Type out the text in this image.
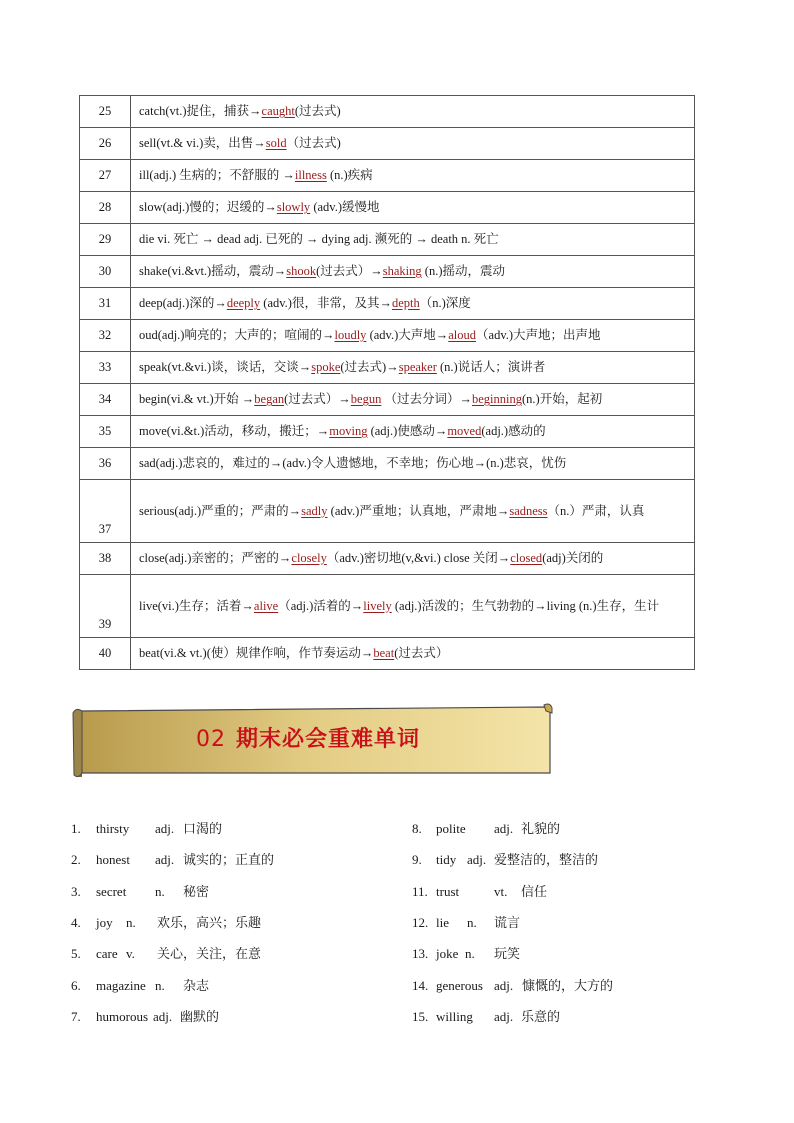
25	catch(vt.)捉住，捕获→caught(过去式)
26	sell(vt.& vi.)卖，出售→sold（过去式)
27	ill(adj.) 生病的；不舒服的 →illness (n.)疾病
28	slow(adj.)慢的；迟缓的→slowly (adv.)缓慢地
29	die vi. 死亡 → dead adj. 已死的 → dying adj. 濒死的 → death n. 死亡
30	shake(vi.&vt.)摇动，震动→shook(过去式）→shaking (n.)摇动，震动
31	deep(adj.)深的→deeply (adv.)很，非常，及其→depth（n.)深度
32	oud(adj.)响亮的；大声的；喧闹的→loudly (adv.)大声地→aloud（adv.)大声地；出声地
33	speak(vt.&vi.)谈，谈话，交谈→spoke(过去式)→speaker (n.)说话人；演讲者
34	begin(vi.& vt.)开始 →began(过去式）→begun （过去分词）→beginning(n.)开始，起初
35	move(vi.&t.)活动，移动，搬迁；→moving (adj.)使感动→moved(adj.)感动的
36	sad(adj.)悲哀的，难过的→(adv.)令人遗憾地，不幸地；伤心地→(n.)悲哀，忧伤
37	serious(adj.)严重的；严肃的→sadly (adv.)严重地；认真地，严肃地→sadness（n.）严肃，认真
38	close(adj.)亲密的；严密的→closely（adv.)密切地(v,&vi.) close 关闭→closed(adj)关闭的
39	live(vi.)生存；活着→alive（adj.)活着的→lively (adj.)活泼的；生气勃勃的→living (n.)生存，生计
40	beat(vi.& vt.)(使）规律作响，作节奏运动→beat(过去式）
02 期末必会重难单词
1. thirsty adj. 口渴的
2. honest adj. 诚实的；正直的
3. secret n. 秘密
4. joy n. 欢乐，高兴；乐趣
5. care v. 关心，关注，在意
6. magazine n. 杂志
7. humorous adj. 幽默的
8. polite adj. 礼貌的
9. tidy adj. 爱整洁的，整洁的
11. trust	vt. 信任
12. lie n. 谎言
13. joke n. 玩笑
14. generous adj. 慷慨的，大方的
15. willing adj. 乐意的
